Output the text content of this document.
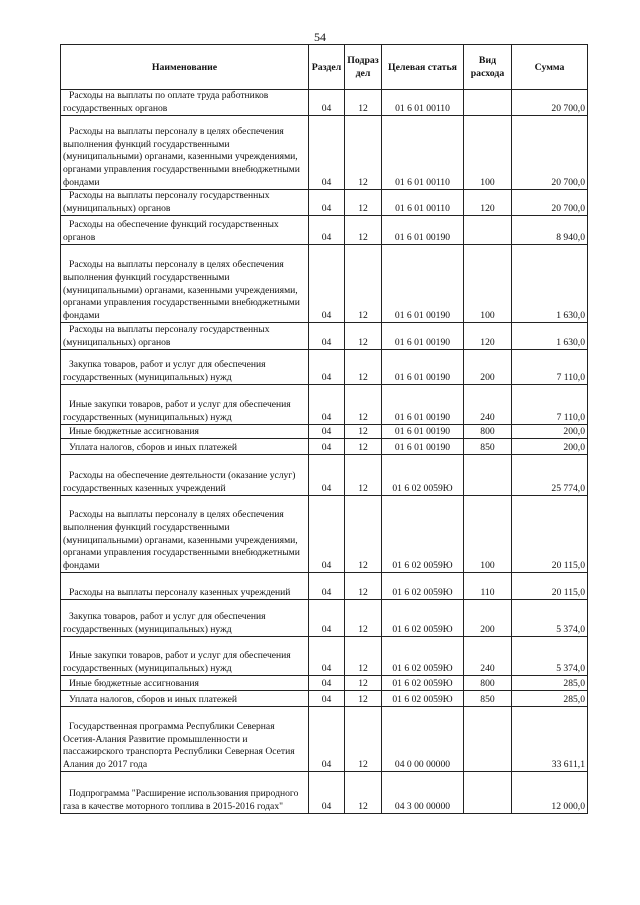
54
Наименование	Раздел	Подраз дел	Целевая статья	Вид расхода	Сумма

Расходы на выплаты по оплате труда работников государственных органов	04	12	01 6 01 00110		20 700,0

Расходы на выплаты персоналу в целях обеспечения выполнения функций государственными (муниципальными) органами, казенными учреждениями, органами управления государственными внебюджетными фондами	04	12	01 6 01 00110	100	20 700,0

Расходы на выплаты персоналу государственных (муниципальных) органов	04	12	01 6 01 00110	120	20 700,0

Расходы на обеспечение функций государственных органов	04	12	01 6 01 00190		8 940,0

Расходы на выплаты персоналу в целях обеспечения выполнения функций государственными (муниципальными) органами, казенными учреждениями, органами управления государственными внебюджетными фондами	04	12	01 6 01 00190	100	1 630,0

Расходы на выплаты персоналу государственных (муниципальных) органов	04	12	01 6 01 00190	120	1 630,0

Закупка товаров, работ и услуг для обеспечения государственных (муниципальных) нужд	04	12	01 6 01 00190	200	7 110,0

Иные закупки товаров, работ и услуг для обеспечения государственных (муниципальных) нужд	04	12	01 6 01 00190	240	7 110,0

Иные бюджетные ассигнования	04	12	01 6 01 00190	800	200,0

Уплата налогов, сборов и иных платежей	04	12	01 6 01 00190	850	200,0

Расходы на обеспечение деятельности (оказание услуг) государственных казенных учреждений	04	12	01 6 02 0059Ю		25 774,0

Расходы на выплаты персоналу в целях обеспечения выполнения функций государственными (муниципальными) органами, казенными учреждениями, органами управления государственными внебюджетными фондами	04	12	01 6 02 0059Ю	100	20 115,0

Расходы на выплаты персоналу казенных учреждений	04	12	01 6 02 0059Ю	110	20 115,0

Закупка товаров, работ и услуг для обеспечения государственных (муниципальных) нужд	04	12	01 6 02 0059Ю	200	5 374,0

Иные закупки товаров, работ и услуг для обеспечения государственных (муниципальных) нужд	04	12	01 6 02 0059Ю	240	5 374,0

Иные бюджетные ассигнования	04	12	01 6 02 0059Ю	800	285,0

Уплата налогов, сборов и иных платежей	04	12	01 6 02 0059Ю	850	285,0

Государственная программа Республики Северная Осетия-Алания Развитие промышленности и пассажирского транспорта Республики Северная Осетия Алания до 2017 года	04	12	04 0 00 00000		33 611,1

Подпрограмма "Расширение использования природного газа в качестве моторного топлива в 2015-2016 годах"	04	12	04 3 00 00000		12 000,0
